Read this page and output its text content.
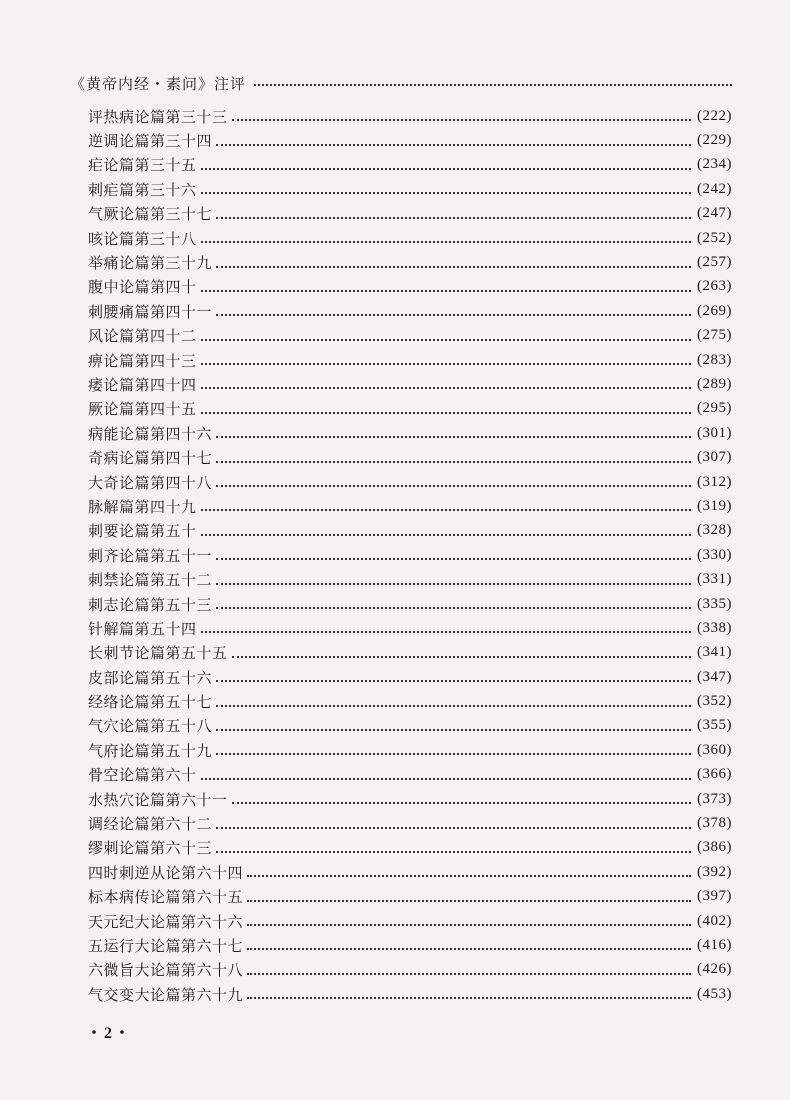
《黄帝内经・素问》注评
评热病论篇第三十三	(222)
逆调论篇第三十四	(229)
疟论篇第三十五	(234)
刺疟篇第三十六	(242)
气厥论篇第三十七	(247)
咳论篇第三十八	(252)
举痛论篇第三十九	(257)
腹中论篇第四十	(263)
刺腰痛篇第四十一	(269)
风论篇第四十二	(275)
痹论篇第四十三	(283)
痿论篇第四十四	(289)
厥论篇第四十五	(295)
病能论篇第四十六	(301)
奇病论篇第四十七	(307)
大奇论篇第四十八	(312)
脉解篇第四十九	(319)
刺要论篇第五十	(328)
刺齐论篇第五十一	(330)
刺禁论篇第五十二	(331)
刺志论篇第五十三	(335)
针解篇第五十四	(338)
长刺节论篇第五十五	(341)
皮部论篇第五十六	(347)
经络论篇第五十七	(352)
气穴论篇第五十八	(355)
气府论篇第五十九	(360)
骨空论篇第六十	(366)
水热穴论篇第六十一	(373)
调经论篇第六十二	(378)
缪刺论篇第六十三	(386)
四时刺逆从论第六十四	(392)
标本病传论篇第六十五	(397)
天元纪大论篇第六十六	(402)
五运行大论篇第六十七	(416)
六微旨大论篇第六十八	(426)
气交变大论篇第六十九	(453)
・2・
